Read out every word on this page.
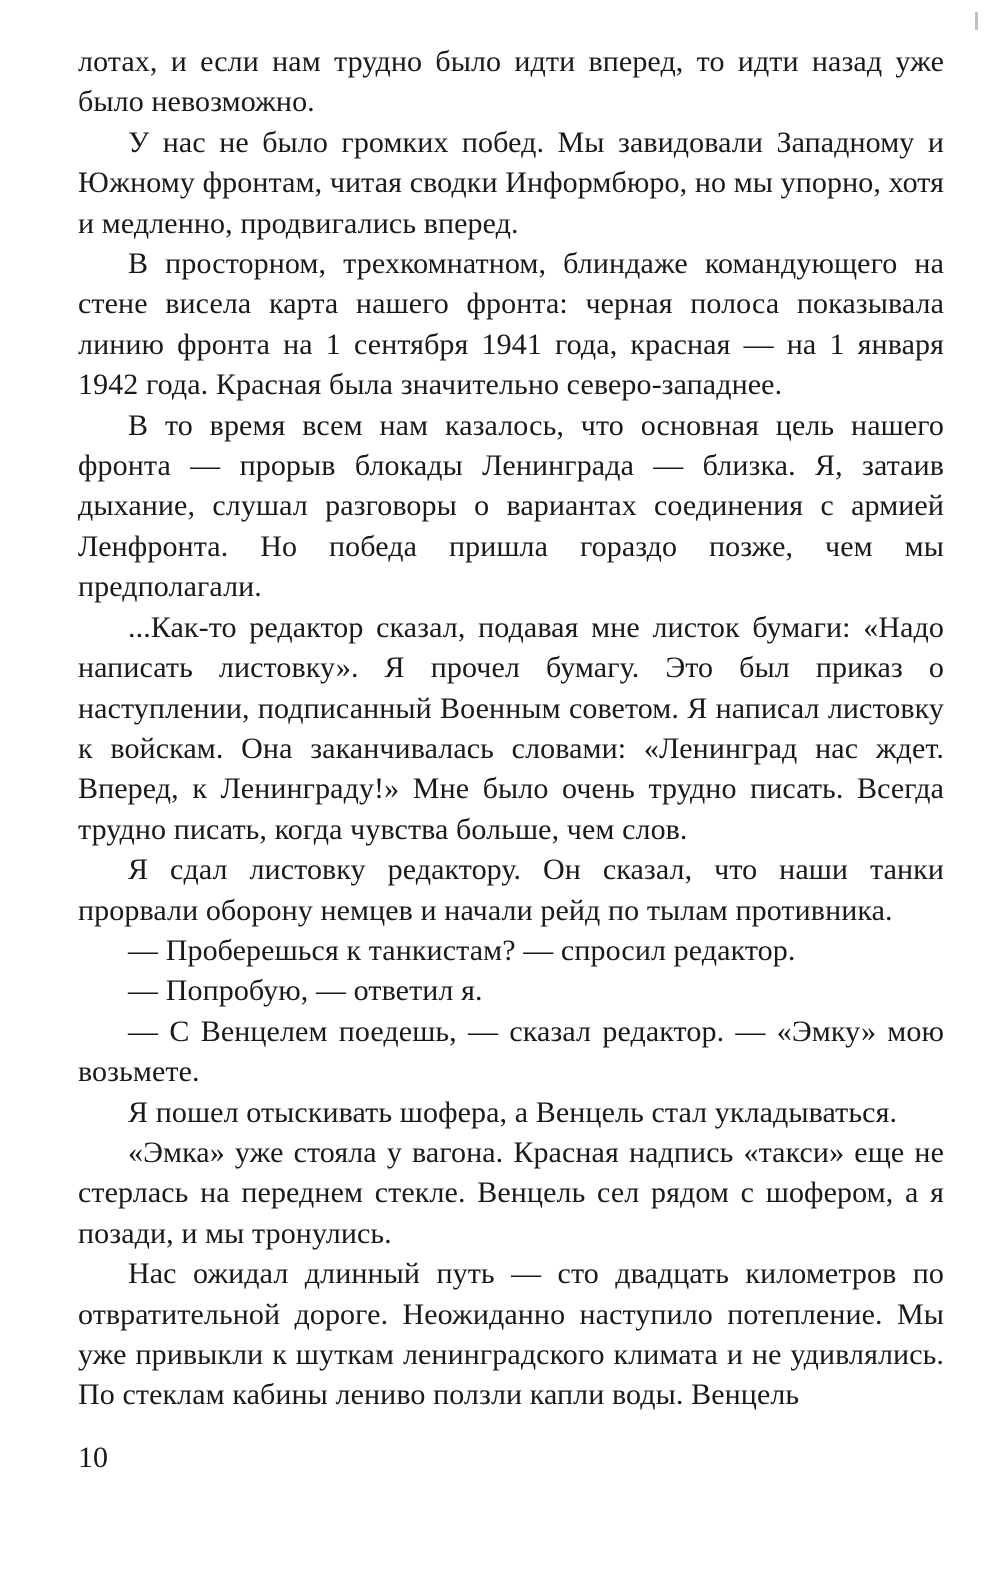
лотах, и если нам трудно было идти вперед, то идти назад уже было невозможно.

У нас не было громких побед. Мы завидовали Западному и Южному фронтам, читая сводки Информбюро, но мы упорно, хотя и медленно, продвигались вперед.

В просторном, трехкомнатном, блиндаже командующего на стене висела карта нашего фронта: черная полоса показывала линию фронта на 1 сентября 1941 года, красная — на 1 января 1942 года. Красная была значительно северо-западнее.

В то время всем нам казалось, что основная цель нашего фронта — прорыв блокады Ленинграда — близка. Я, затаив дыхание, слушал разговоры о вариантах соединения с армией Ленфронта. Но победа пришла гораздо позже, чем мы предполагали.

...Как-то редактор сказал, подавая мне листок бумаги: «Надо написать листовку». Я прочел бумагу. Это был приказ о наступлении, подписанный Военным советом. Я написал листовку к войскам. Она заканчивалась словами: «Ленинград нас ждет. Вперед, к Ленинграду!» Мне было очень трудно писать. Всегда трудно писать, когда чувства больше, чем слов.

Я сдал листовку редактору. Он сказал, что наши танки прорвали оборону немцев и начали рейд по тылам противника.

— Проберешься к танкистам? — спросил редактор.

— Попробую, — ответил я.

— С Венцелем поедешь, — сказал редактор. — «Эмку» мою возьмете.

Я пошел отыскивать шофера, а Венцель стал укладываться.

«Эмка» уже стояла у вагона. Красная надпись «такси» еще не стерлась на переднем стекле. Венцель сел рядом с шофером, а я позади, и мы тронулись.

Нас ожидал длинный путь — сто двадцать километров по отвратительной дороге. Неожиданно наступило потепление. Мы уже привыкли к шуткам ленинградского климата и не удивлялись. По стеклам кабины лениво ползли капли воды. Венцель

10
